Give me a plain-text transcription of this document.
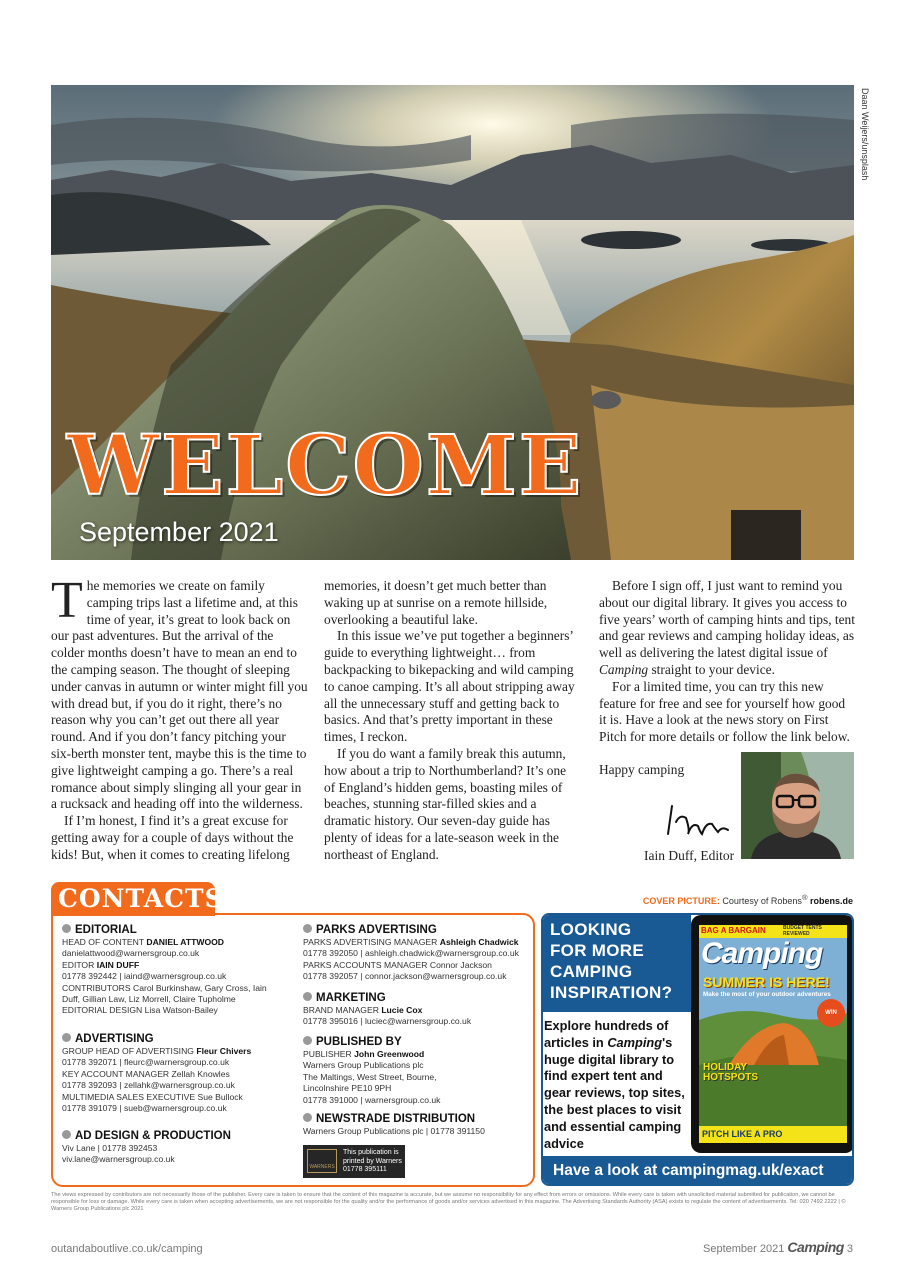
WELCOME
September 2021
Daan Weijers/unsplash

The memories we create on family camping trips last a lifetime and, at this time of year, it’s great to look back on our past adventures. But the arrival of the colder months doesn’t have to mean an end to the camping season. The thought of sleeping under canvas in autumn or winter might fill you with dread but, if you do it right, there’s no reason why you can’t get out there all year round. And if you don’t fancy pitching your six-berth monster tent, maybe this is the time to give lightweight camping a go. There’s a real romance about simply slinging all your gear in a rucksack and heading off into the wilderness.

If I’m honest, I find it’s a great excuse for getting away for a couple of days without the kids! But, when it comes to creating lifelong

memories, it doesn’t get much better than waking up at sunrise on a remote hillside, overlooking a beautiful lake.

In this issue we’ve put together a beginners’ guide to everything lightweight… from backpacking to bikepacking and wild camping to canoe camping. It’s all about stripping away all the unnecessary stuff and getting back to basics. And that’s pretty important in these times, I reckon.

If you do want a family break this autumn, how about a trip to Northumberland? It’s one of England’s hidden gems, boasting miles of beaches, stunning star-filled skies and a dramatic history. Our seven-day guide has plenty of ideas for a late-season week in the northeast of England.

Before I sign off, I just want to remind you about our digital library. It gives you access to five years’ worth of camping hints and tips, tent and gear reviews and camping holiday ideas, as well as delivering the latest digital issue of Camping straight to your device.

For a limited time, you can try this new feature for free and see for yourself how good it is. Have a look at the news story on First Pitch for more details or follow the link below.

Happy camping

Iain Duff, Editor
CONTACTS
EDITORIAL
HEAD OF CONTENT DANIEL ATTWOOD
danielattwood@warnersgroup.co.uk
EDITOR IAIN DUFF
01778 392442 | iaind@warnersgroup.co.uk
CONTRIBUTORS Carol Burkinshaw, Gary Cross, Iain Duff, Gillian Law, Liz Morrell, Claire Tupholme
EDITORIAL DESIGN Lisa Watson-Bailey
ADVERTISING
GROUP HEAD OF ADVERTISING Fleur Chivers
01778 392071 | fleurc@warnersgroup.co.uk
KEY ACCOUNT MANAGER Zellah Knowles
01778 392093 | zellahk@warnersgroup.co.uk
MULTIMEDIA SALES EXECUTIVE Sue Bullock
01778 391079 | sueb@warnersgroup.co.uk
AD DESIGN & PRODUCTION
Viv Lane | 01778 392453
viv.lane@warnersgroup.co.uk
PARKS ADVERTISING
PARKS ADVERTISING MANAGER Ashleigh Chadwick
01778 392050 | ashleigh.chadwick@warnersgroup.co.uk
PARKS ACCOUNTS MANAGER Connor Jackson
01778 392057 | connor.jackson@warnersgroup.co.uk
MARKETING
BRAND MANAGER Lucie Cox
01778 395016 | luciec@warnersgroup.co.uk
PUBLISHED BY
PUBLISHER John Greenwood
Warners Group Publications plc
The Maltings, West Street, Bourne,
Lincolnshire PE10 9PH
01778 391000 | warnersgroup.co.uk
NEWSTRADE DISTRIBUTION
Warners Group Publications plc | 01778 391150
WARNERS
This publication is
printed by Warners
01778 395111
COVER PICTURE: Courtesy of Robens® robens.de
LOOKING
FOR MORE
CAMPING
INSPIRATION?
Explore hundreds of articles in Camping's huge digital library to find expert tent and gear reviews, top sites, the best places to visit and essential camping advice
BAG A BARGAIN	BUDGET TENTS REVIEWED
Camping
SUMMER IS HERE!
Make the most of your outdoor adventures
WIN
HOLIDAY HOTSPOTS
PITCH LIKE A PRO
Have a look at campingmag.uk/exact
The views expressed by contributors are not necessarily those of the publisher. Every care is taken to ensure that the content of this magazine is accurate, but we assume no responsibility for any effect from errors or omissions. While every care is taken with unsolicited material submitted for publication, we cannot be responsible for loss or damage. While every care is taken when accepting advertisements, we are not responsible for the quality and/or the performance of goods and/or services advertised in this magazine. The Advertising Standards Authority (ASA) exists to regulate the content of advertisements. Tel: 020 7492 2222 | © Warners Group Publications plc 2021
outandaboutlive.co.uk/camping	September 2021 Camping 3
